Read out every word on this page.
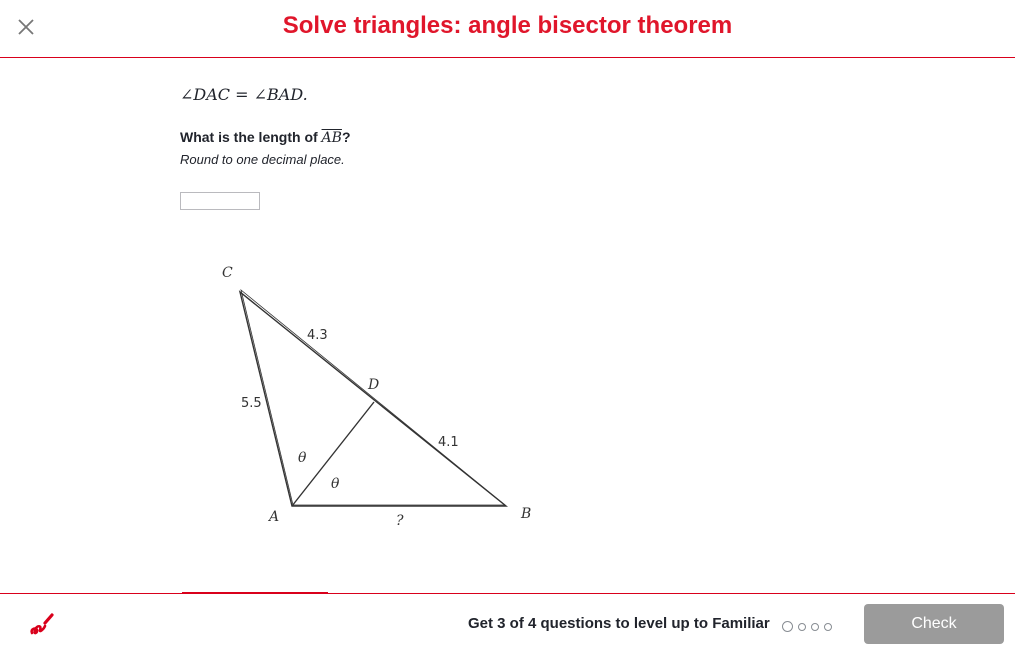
Solve triangles: angle bisector theorem
∠DAC = ∠BAD.
What is the length of $\overline{AB}$?
Round to one decimal place.
C
A	B
D
4.3
5.5
4.1
?
θ
θ
Get 3 of 4 questions to level up to Familiar	Check
